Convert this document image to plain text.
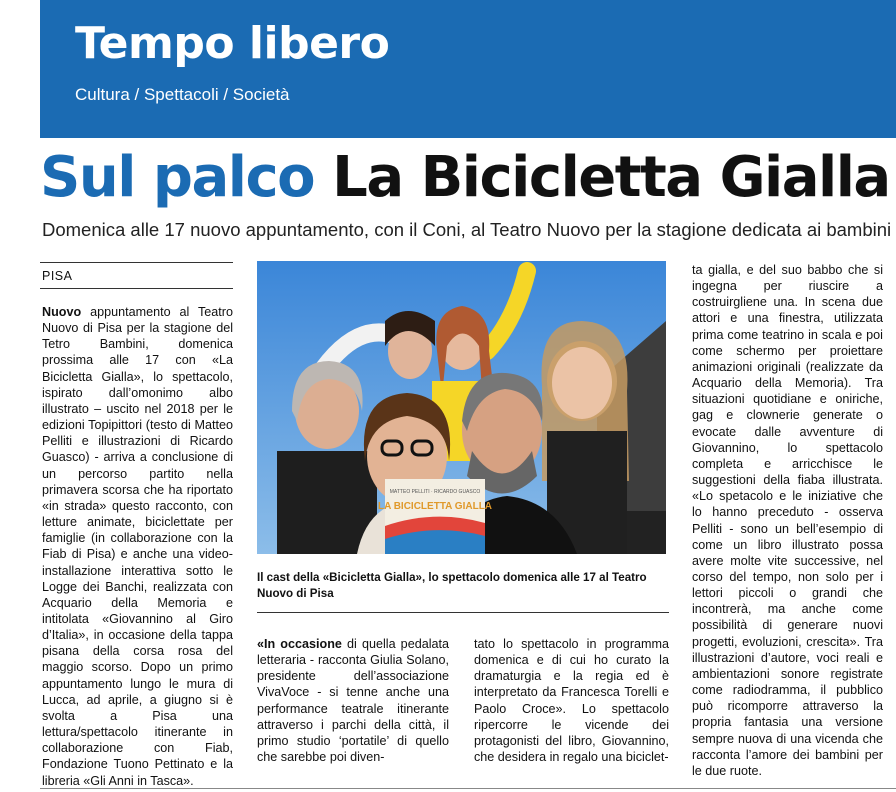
Tempo libero
Cultura / Spettacoli / Società
Sul palco La Bicicletta Gialla
Domenica alle 17 nuovo appuntamento, con il Coni, al Teatro Nuovo per la stagione dedicata ai bambini
PISA

Nuovo appuntamento al Teatro Nuovo di Pisa per la stagione del Tetro Bambini, domenica prossima alle 17 con «La Bicicletta Gialla», lo spettacolo, ispirato dall’omonimo albo illustrato – uscito nel 2018 per le edizioni Topipittori (testo di Matteo Pelliti e illustrazioni di Ricardo Guasco) - arriva a conclusione di un percorso partito nella primavera scorsa che ha riportato «in strada» questo racconto, con letture animate, biciclettate per famiglie (in collaborazione con la Fiab di Pisa) e anche una video-installazione interattiva sotto le Logge dei Banchi, realizzata con Acquario della Memoria e intitolata «Giovannino al Giro d’Italia», in occasione della tappa pisana della corsa rosa del maggio scorso. Dopo un primo appuntamento lungo le mura di Lucca, ad aprile, a giugno si è svolta a Pisa una lettura/spettacolo itinerante in collaborazione con Fiab, Fondazione Tuono Pettinato e la libreria «Gli Anni in Tasca».

MATTEO PELLITI · RICARDO GUASCO
LA BICICLETTA GIALLA
Il cast della «Bicicletta Gialla», lo spettacolo domenica alle 17 al Teatro Nuovo di Pisa

«In occasione di quella pedalata letteraria - racconta Giulia Solano, presidente dell’associazione VivaVoce - si tenne anche una performance teatrale itinerante attraverso i parchi della città, il primo studio ‘portatile’ di quello che sarebbe poi diven-

tato lo spettacolo in programma domenica e di cui ho curato la dramaturgia e la regia ed è interpretato da Francesca Torelli e Paolo Croce». Lo spettacolo ripercorre le vicende dei protagonisti del libro, Giovannino, che desidera in regalo una biciclet-

ta gialla, e del suo babbo che si ingegna per riuscire a costruirgliene una. In scena due attori e una finestra, utilizzata prima come teatrino in scala e poi come schermo per proiettare animazioni originali (realizzate da Acquario della Memoria). Tra situazioni quotidiane e oniriche, gag e clownerie generate o evocate dalle avventure di Giovannino, lo spettacolo completa e arricchisce le suggestioni della fiaba illustrata. «Lo spetacolo e le iniziative che lo hanno preceduto - osserva Pelliti - sono un bell’esempio di come un libro illustrato possa avere molte vite successive, nel corso del tempo, non solo per i lettori piccoli o grandi che incontrerà, ma anche come possibilità di generare nuovi progetti, evoluzioni, crescita». Tra illustrazioni d’autore, voci reali e ambientazioni sonore registrate come radiodramma, il pubblico può ricomporre attraverso la propria fantasia una versione sempre nuova di una vicenda che racconta l’amore dei bambini per le due ruote.
